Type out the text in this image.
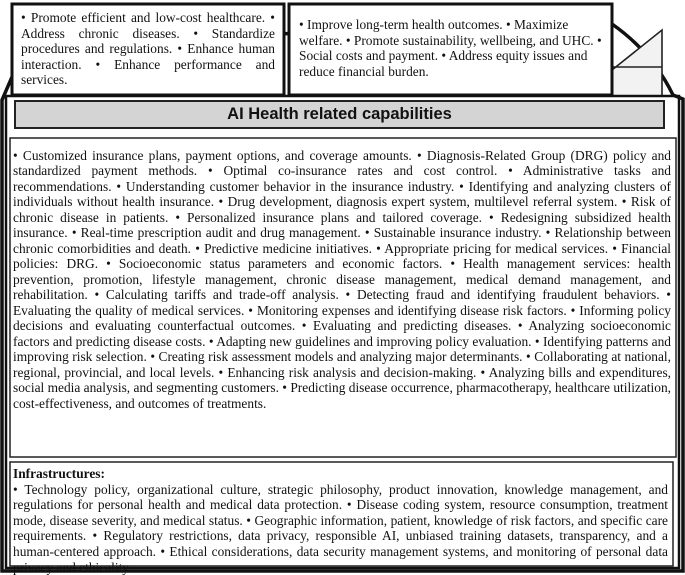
• Promote efficient and low-cost healthcare. • Address chronic diseases. • Standardize procedures and regulations. • Enhance human interaction. • Enhance performance and services.
• Improve long-term health outcomes. • Maximize welfare. • Promote sustainability, wellbeing, and UHC. • Social costs and payment. • Address equity issues and reduce financial burden.
AI Health related capabilities
• Customized insurance plans, payment options, and coverage amounts. • Diagnosis-Related Group (DRG) policy and standardized payment methods. • Optimal co-insurance rates and cost control. • Administrative tasks and recommendations. • Understanding customer behavior in the insurance industry. • Identifying and analyzing clusters of individuals without health insurance. • Drug development, diagnosis expert system, multilevel referral system. • Risk of chronic disease in patients. • Personalized insurance plans and tailored coverage. • Redesigning subsidized health insurance. • Real-time prescription audit and drug management. • Sustainable insurance industry. • Relationship between chronic comorbidities and death. • Predictive medicine initiatives. • Appropriate pricing for medical services. • Financial policies: DRG. • Socioeconomic status parameters and economic factors. • Health management services: health prevention, promotion, lifestyle management, chronic disease management, medical demand management, and rehabilitation. • Calculating tariffs and trade-off analysis. • Detecting fraud and identifying fraudulent behaviors. • Evaluating the quality of medical services. • Monitoring expenses and identifying disease risk factors. • Informing policy decisions and evaluating counterfactual outcomes. • Evaluating and predicting diseases. • Analyzing socioeconomic factors and predicting disease costs. • Adapting new guidelines and improving policy evaluation. • Identifying patterns and improving risk selection. • Creating risk assessment models and analyzing major determinants. • Collaborating at national, regional, provincial, and local levels. • Enhancing risk analysis and decision-making. • Analyzing bills and expenditures, social media analysis, and segmenting customers. • Predicting disease occurrence, pharmacotherapy, healthcare utilization, cost-effectiveness, and outcomes of treatments.
Infrastructures:
• Technology policy, organizational culture, strategic philosophy, product innovation, knowledge management, and regulations for personal health and medical data protection. • Disease coding system, resource consumption, treatment mode, disease severity, and medical status. • Geographic information, patient, knowledge of risk factors, and specific care requirements. • Regulatory restrictions, data privacy, responsible AI, unbiased training datasets, transparency, and a human-centered approach. • Ethical considerations, data security management systems, and monitoring of personal data privacy and ethicality.
